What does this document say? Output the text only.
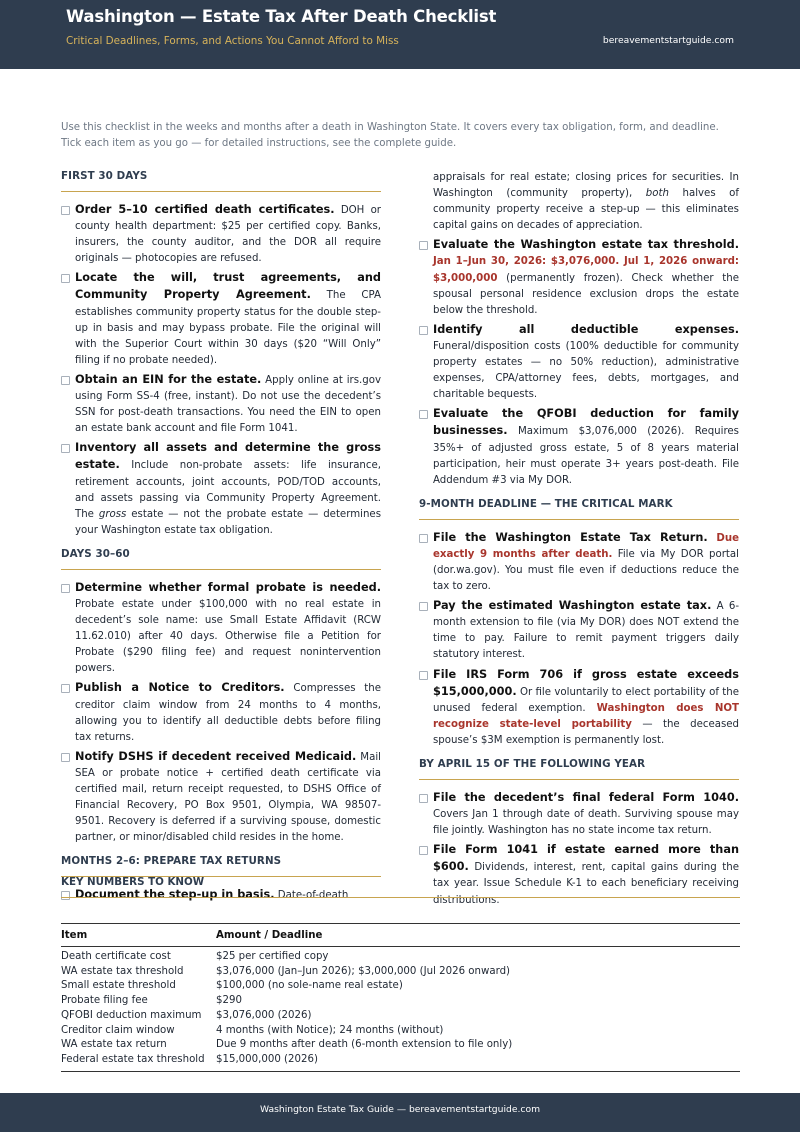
Washington — Estate Tax After Death Checklist
Critical Deadlines, Forms, and Actions You Cannot Afford to Miss	bereavementstartguide.com
Use this checklist in the weeks and months after a death in Washington State. It covers every tax obligation, form, and deadline. Tick each item as you go — for detailed instructions, see the complete guide.
FIRST 30 DAYS
Order 5–10 certified death certificates. DOH or county health department: $25 per certified copy. Banks, insurers, the county auditor, and the DOR all require originals — photocopies are refused.
Locate the will, trust agreements, and Community Property Agreement. The CPA establishes community property status for the double step-up in basis and may bypass probate. File the original will with the Superior Court within 30 days ($20 “Will Only” filing if no probate needed).
Obtain an EIN for the estate. Apply online at irs.gov using Form SS-4 (free, instant). Do not use the decedent’s SSN for post-death transactions. You need the EIN to open an estate bank account and file Form 1041.
Inventory all assets and determine the gross estate. Include non-probate assets: life insurance, retirement accounts, joint accounts, POD/TOD accounts, and assets passing via Community Property Agreement. The gross estate — not the probate estate — determines your Washington estate tax obligation.
DAYS 30–60
Determine whether formal probate is needed. Probate estate under $100,000 with no real estate in decedent’s sole name: use Small Estate Affidavit (RCW 11.62.010) after 40 days. Otherwise file a Petition for Probate ($290 filing fee) and request nonintervention powers.
Publish a Notice to Creditors. Compresses the creditor claim window from 24 months to 4 months, allowing you to identify all deductible debts before filing tax returns.
Notify DSHS if decedent received Medicaid. Mail SEA or probate notice + certified death certificate via certified mail, return receipt requested, to DSHS Office of Financial Recovery, PO Box 9501, Olympia, WA 98507-9501. Recovery is deferred if a surviving spouse, domestic partner, or minor/disabled child resides in the home.
MONTHS 2–6: PREPARE TAX RETURNS
Document the step-up in basis. Date-of-death
appraisals for real estate; closing prices for securities. In Washington (community property), both halves of community property receive a step-up — this eliminates capital gains on decades of appreciation.
Evaluate the Washington estate tax threshold. Jan 1–Jun 30, 2026: $3,076,000. Jul 1, 2026 onward: $3,000,000 (permanently frozen). Check whether the spousal personal residence exclusion drops the estate below the threshold.
Identify all deductible expenses. Funeral/disposition costs (100% deductible for community property estates — no 50% reduction), administrative expenses, CPA/attorney fees, debts, mortgages, and charitable bequests.
Evaluate the QFOBI deduction for family businesses. Maximum $3,076,000 (2026). Requires 35%+ of adjusted gross estate, 5 of 8 years material participation, heir must operate 3+ years post-death. File Addendum #3 via My DOR.
9-MONTH DEADLINE — THE CRITICAL MARK
File the Washington Estate Tax Return. Due exactly 9 months after death. File via My DOR portal (dor.wa.gov). You must file even if deductions reduce the tax to zero.
Pay the estimated Washington estate tax. A 6-month extension to file (via My DOR) does NOT extend the time to pay. Failure to remit payment triggers daily statutory interest.
File IRS Form 706 if gross estate exceeds $15,000,000. Or file voluntarily to elect portability of the unused federal exemption. Washington does NOT recognize state-level portability — the deceased spouse’s $3M exemption is permanently lost.
BY APRIL 15 OF THE FOLLOWING YEAR
File the decedent’s final federal Form 1040. Covers Jan 1 through date of death. Surviving spouse may file jointly. Washington has no state income tax return.
File Form 1041 if estate earned more than $600. Dividends, interest, rent, capital gains during the tax year. Issue Schedule K-1 to each beneficiary receiving distributions.
KEY NUMBERS TO KNOW
Item	Amount / Deadline
Death certificate cost	$25 per certified copy
WA estate tax threshold	$3,076,000 (Jan–Jun 2026); $3,000,000 (Jul 2026 onward)
Small estate threshold	$100,000 (no sole-name real estate)
Probate filing fee	$290
QFOBI deduction maximum	$3,076,000 (2026)
Creditor claim window	4 months (with Notice); 24 months (without)
WA estate tax return	Due 9 months after death (6-month extension to file only)
Federal estate tax threshold	$15,000,000 (2026)
Washington Estate Tax Guide — bereavementstartguide.com
